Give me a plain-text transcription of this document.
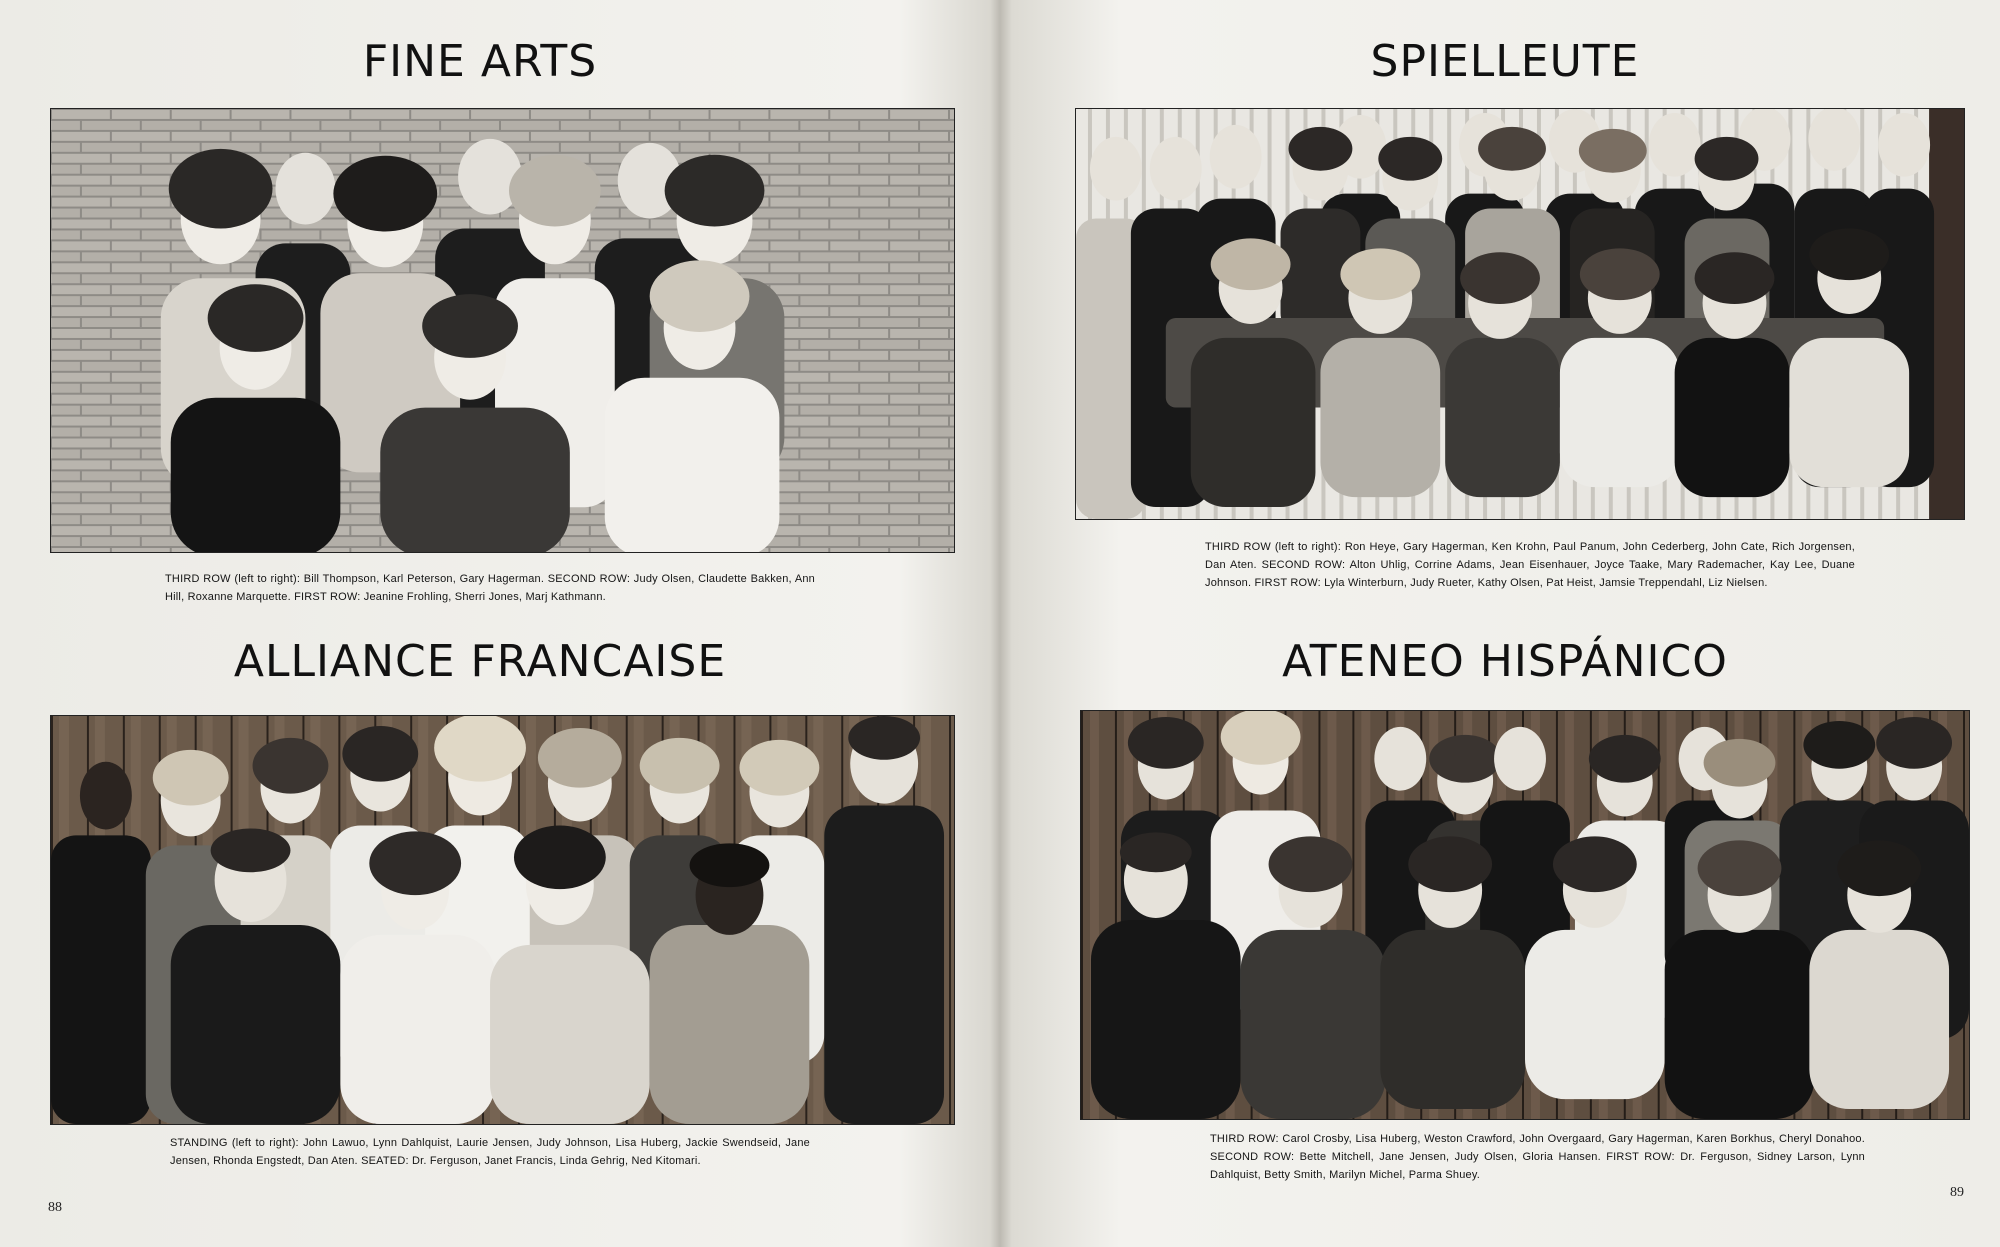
FINE ARTS

THIRD ROW (left to right): Bill Thompson, Karl Peterson, Gary Hagerman. SECOND ROW: Judy Olsen, Claudette Bakken, Ann Hill, Roxanne Marquette. FIRST ROW: Jeanine Frohling, Sherri Jones, Marj Kathmann.

ALLIANCE FRANCAISE

STANDING (left to right): John Lawuo, Lynn Dahlquist, Laurie Jensen, Judy Johnson, Lisa Huberg, Jackie Swendseid, Jane Jensen, Rhonda Engstedt, Dan Aten. SEATED: Dr. Ferguson, Janet Francis, Linda Gehrig, Ned Kitomari.

88
SPIELLEUTE

THIRD ROW (left to right): Ron Heye, Gary Hagerman, Ken Krohn, Paul Panum, John Cederberg, John Cate, Rich Jorgensen, Dan Aten. SECOND ROW: Alton Uhlig, Corrine Adams, Jean Eisenhauer, Joyce Taake, Mary Rademacher, Kay Lee, Duane Johnson. FIRST ROW: Lyla Winterburn, Judy Rueter, Kathy Olsen, Pat Heist, Jamsie Treppendahl, Liz Nielsen.

ATENEO HISPÁNICO

THIRD ROW: Carol Crosby, Lisa Huberg, Weston Crawford, John Overgaard, Gary Hagerman, Karen Borkhus, Cheryl Donahoo. SECOND ROW: Bette Mitchell, Jane Jensen, Judy Olsen, Gloria Hansen. FIRST ROW: Dr. Ferguson, Sidney Larson, Lynn Dahlquist, Betty Smith, Marilyn Michel, Parma Shuey.

89
